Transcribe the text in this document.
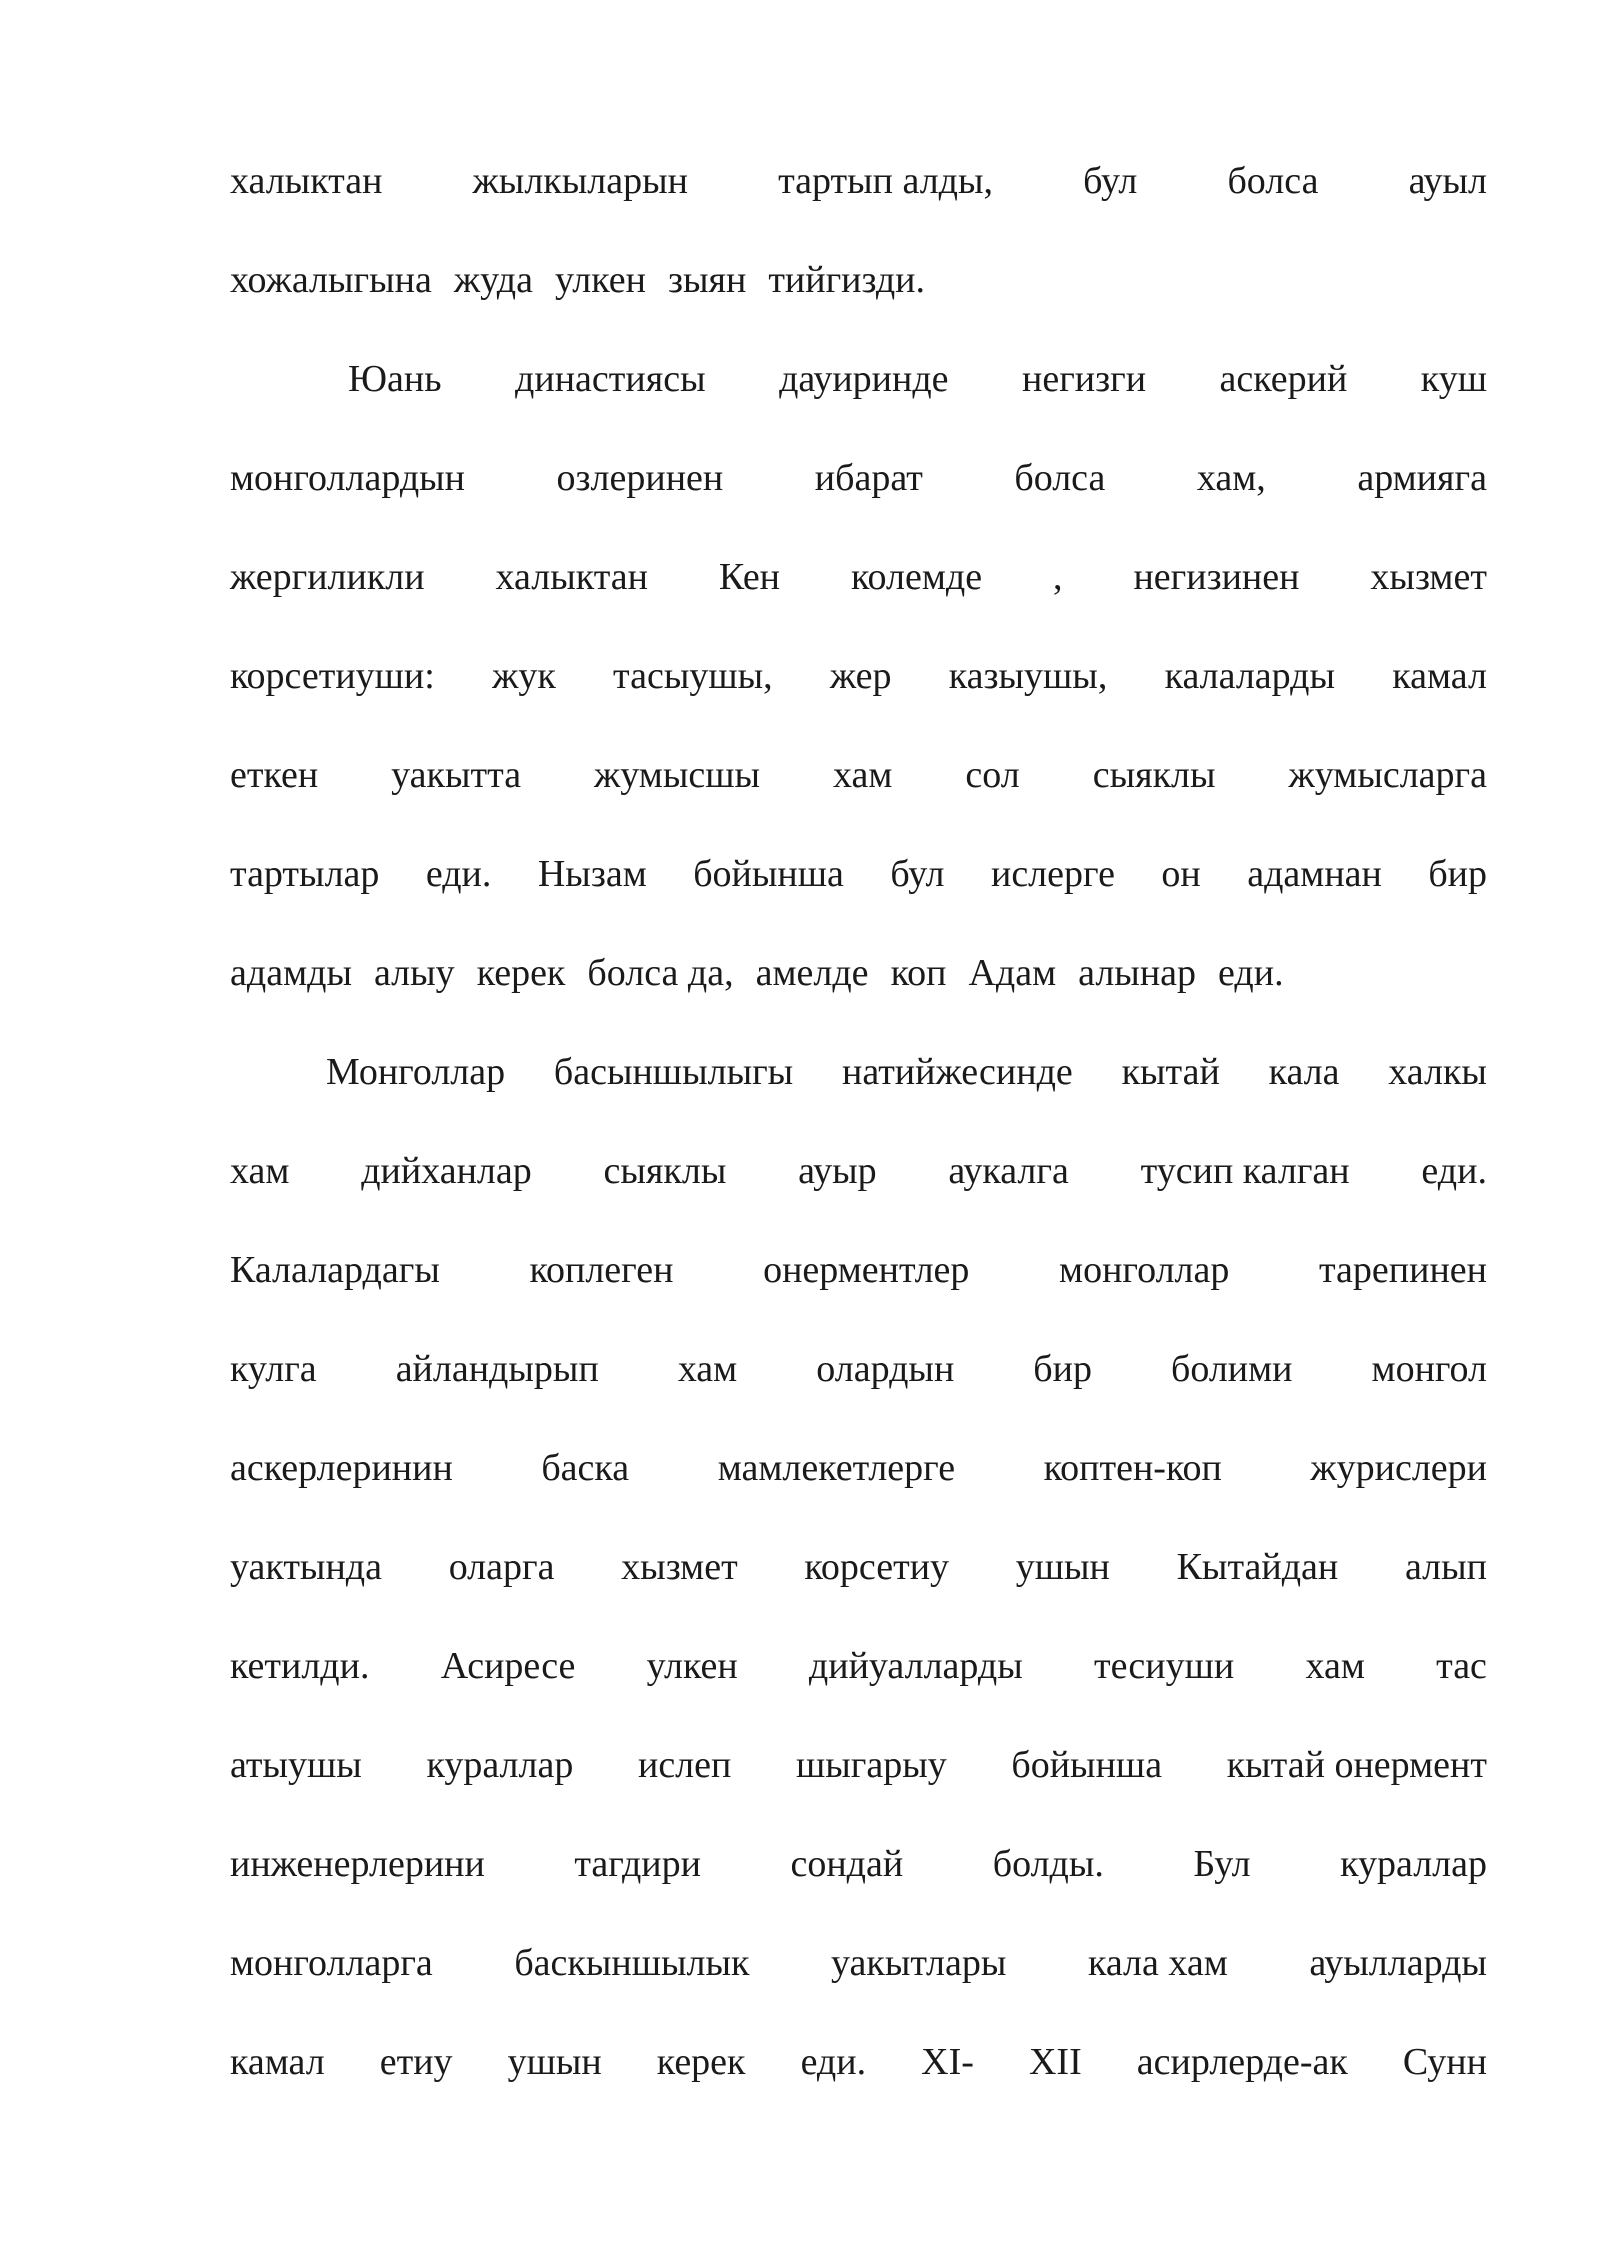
халыктан жылкыларын тартып алды, бул болса ауыл
хожалыгына жуда улкен зыян тийгизди.
Юань династиясы дауиринде негизги аскерий куш
монголлардын озлеринен ибарат болса хам, армияга
жергиликли халыктан Кен колемде , негизинен хызмет
корсетиуши: жук тасыушы, жер казыушы, калаларды камал
еткен уакытта жумысшы хам сол сыяклы жумысларга
тартылар еди. Нызам бойынша бул ислерге он адамнан бир
адамды алыу керек болса да, амелде коп Адам алынар еди.
Монголлар басыншылыгы натийжесинде кытай кала халкы
хам дийханлар сыяклы ауыр аукалга тусип калган еди.
Калалардагы коплеген онерментлер монголлар тарепинен
кулга айландырып хам олардын бир болими монгол
аскерлеринин баска мамлекетлерге коптен-коп журислери
уактында оларга хызмет корсетиу ушын Кытайдан алып
кетилди. Асиресе улкен дийуалларды тесиуши хам тас
атыушы куралл​ар ислеп шыгарыу бойынша кытай онермент
инженерлерини тагдири сондай болды. Бул куралл​ар
монголларга баскыншылык уакытлары кала хам ауылларды
камал етиу ушын керек еди. XI- XII асирлерде-ак Сунн
